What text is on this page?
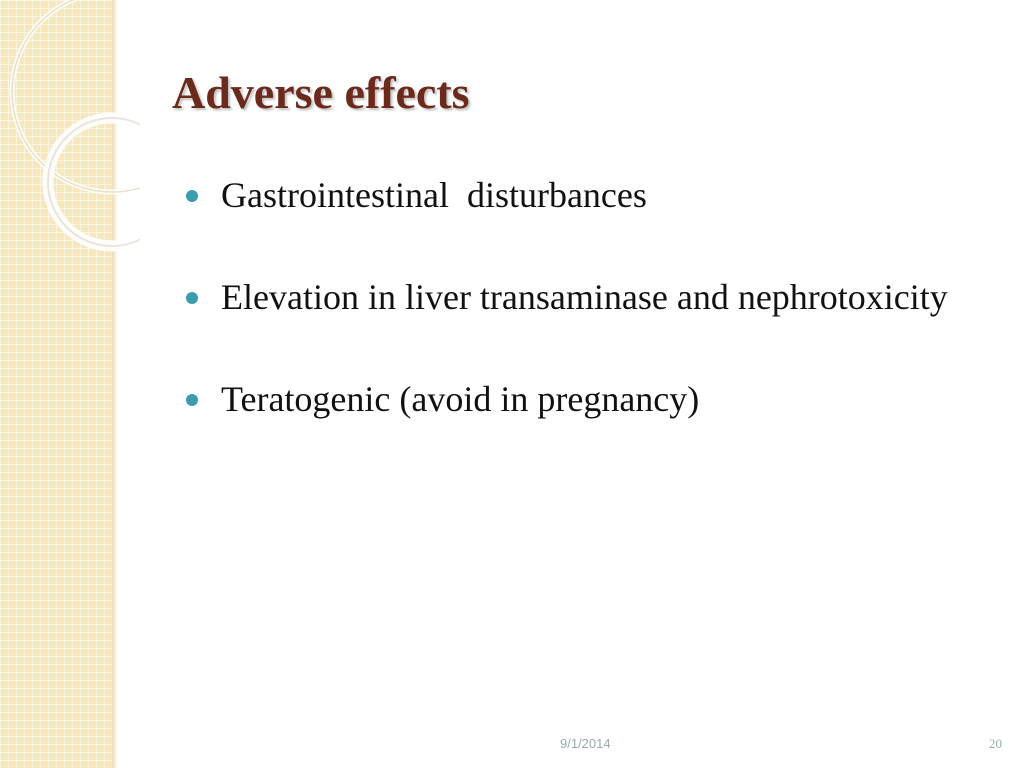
Adverse effects
Gastrointestinal  disturbances
Elevation in liver transaminase and nephrotoxicity
Teratogenic (avoid in pregnancy)
9/1/2014	20
